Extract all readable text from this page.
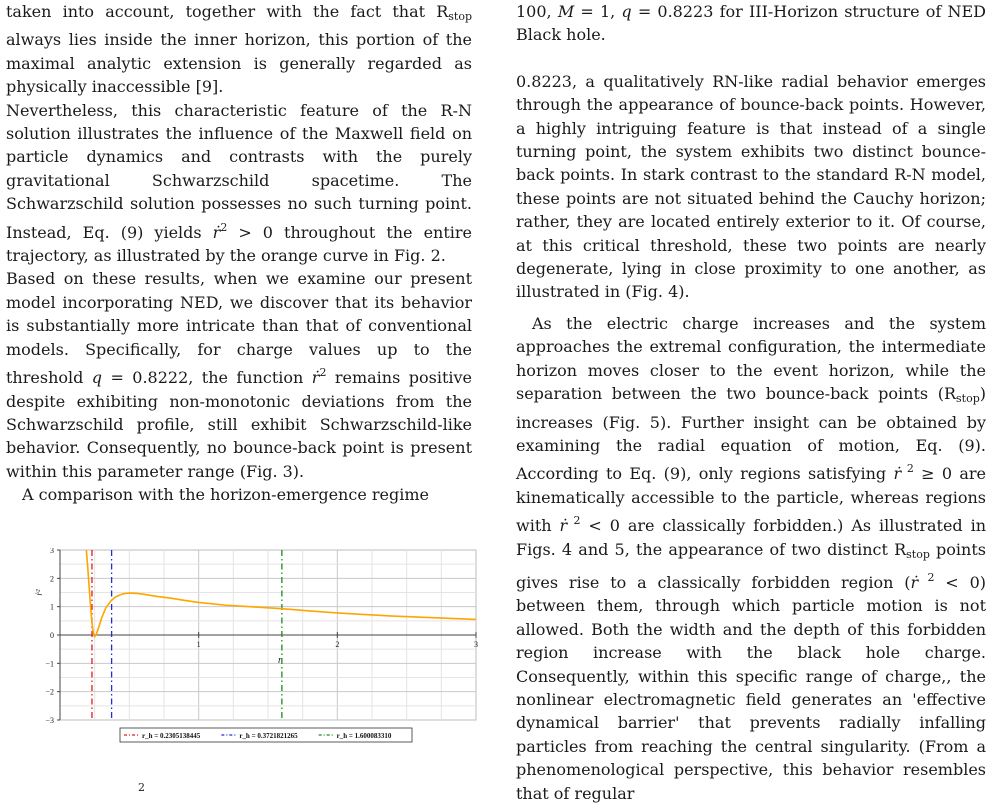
taken into account, together with the fact that $R_{stop}$ always lies inside the inner horizon, this portion of the maximal analytic extension is generally regarded as physically inaccessible [9].

Nevertheless, this characteristic feature of the R-N solution illustrates the influence of the Maxwell field on particle dynamics and contrasts with the purely gravitational Schwarzschild spacetime. The Schwarzschild solution possesses no such turning point. Instead, Eq. (9) yields ṙ$^2$ > 0 throughout the entire trajectory, as illustrated by the orange curve in Fig. 2.

Based on these results, when we examine our present model incorporating NED, we discover that its behavior is substantially more intricate than that of conventional models. Specifically, for charge values up to the threshold q = 0.8222, the function ṙ$^2$ remains positive despite exhibiting non-monotonic deviations from the Schwarzschild profile, still exhibit Schwarzschild-like behavior. Consequently, no bounce-back point is present within this parameter range (Fig. 3).

A comparison with the horizon-emergence regime

−3
−2
−1
0
1
2
3
1	2	3
r
ṙ²
r_h = 0.2305138445	r_h = 0.3721821265	r_h = 1.600083310
$^2$

100, M = 1, q = 0.8223 for III-Horizon structure of NED Black hole.

0.8223, a qualitatively RN-like radial behavior emerges through the appearance of bounce-back points. However, a highly intriguing feature is that instead of a single turning point, the system exhibits two distinct bounce-back points. In stark contrast to the standard R-N model, these points are not situated behind the Cauchy horizon; rather, they are located entirely exterior to it. Of course, at this critical threshold, these two points are nearly degenerate, lying in close proximity to one another, as illustrated in (Fig. 4).

As the electric charge increases and the system approaches the extremal configuration, the intermediate horizon moves closer to the event horizon, while the separation between the two bounce-back points $(R_{stop})$ increases (Fig. 5). Further insight can be obtained by examining the radial equation of motion, Eq. (9). According to Eq. (9), only regions satisfying ṙ $^2$ ≥ 0 are kinematically accessible to the particle, whereas regions with ṙ $^2$ < 0 are classically forbidden.) As illustrated in Figs. 4 and 5, the appearance of two distinct $R_{stop}$ points gives rise to a classically forbidden region (ṙ $^2$ < 0) between them, through which particle motion is not allowed. Both the width and the depth of this forbidden region increase with the black hole charge. Consequently, within this specific range of charge,, the nonlinear electromagnetic field generates an 'effective dynamical barrier' that prevents radially infalling particles from reaching the central singularity. (From a phenomenological perspective, this behavior resembles that of regular
